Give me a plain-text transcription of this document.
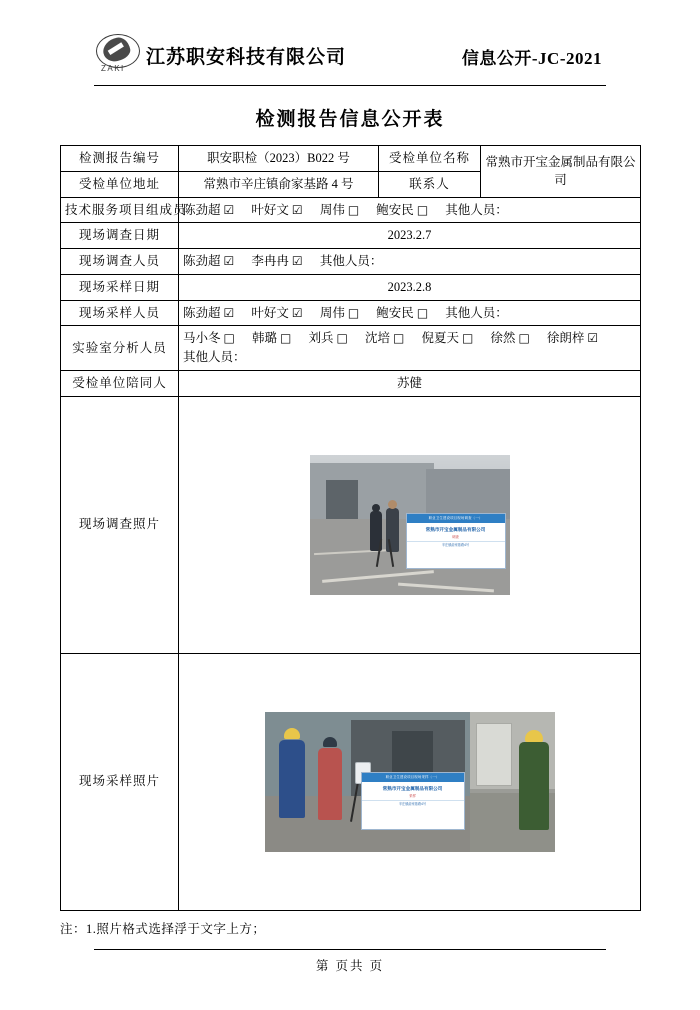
ZAKI
江苏职安科技有限公司	信息公开-JC-2021
检测报告信息公开表
检测报告编号	职安职检（2023）B022 号	受检单位名称	常熟市开宝金属制品有限公司
受检单位地址	常熟市辛庄镇俞家基路 4 号	联系人	
技术服务项目组成员	陈劲超 ☑ 叶好文 ☑ 周伟 □ 鲍安民 □ 其他人员：		
现场调查日期	2023.2.7		
现场调查人员	陈劲超 ☑ 李冉冉 ☑ 其他人员：		
现场采样日期	2023.2.8		
现场采样人员	陈劲超 ☑ 叶好文 ☑ 周伟 □ 鲍安民 □ 其他人员：		
实验室分析人员	马小冬 □ 韩璐 □ 刘兵 □ 沈培 □ 倪夏天 □ 徐然 □ 徐朗梓 ☑
其他人员：		

受检单位陪同人	苏健		
现场调查照片	职业卫生建设项目现场调查（一）
常熟市开宝金属制品有限公司
调查
辛庄镇俞家基路4号		

现场采样照片	职业卫生建设项目现场采样（一）
常熟市开宝金属制品有限公司
采样
辛庄镇俞家基路4号		
注：1.照片格式选择浮于文字上方；
第 页共 页
